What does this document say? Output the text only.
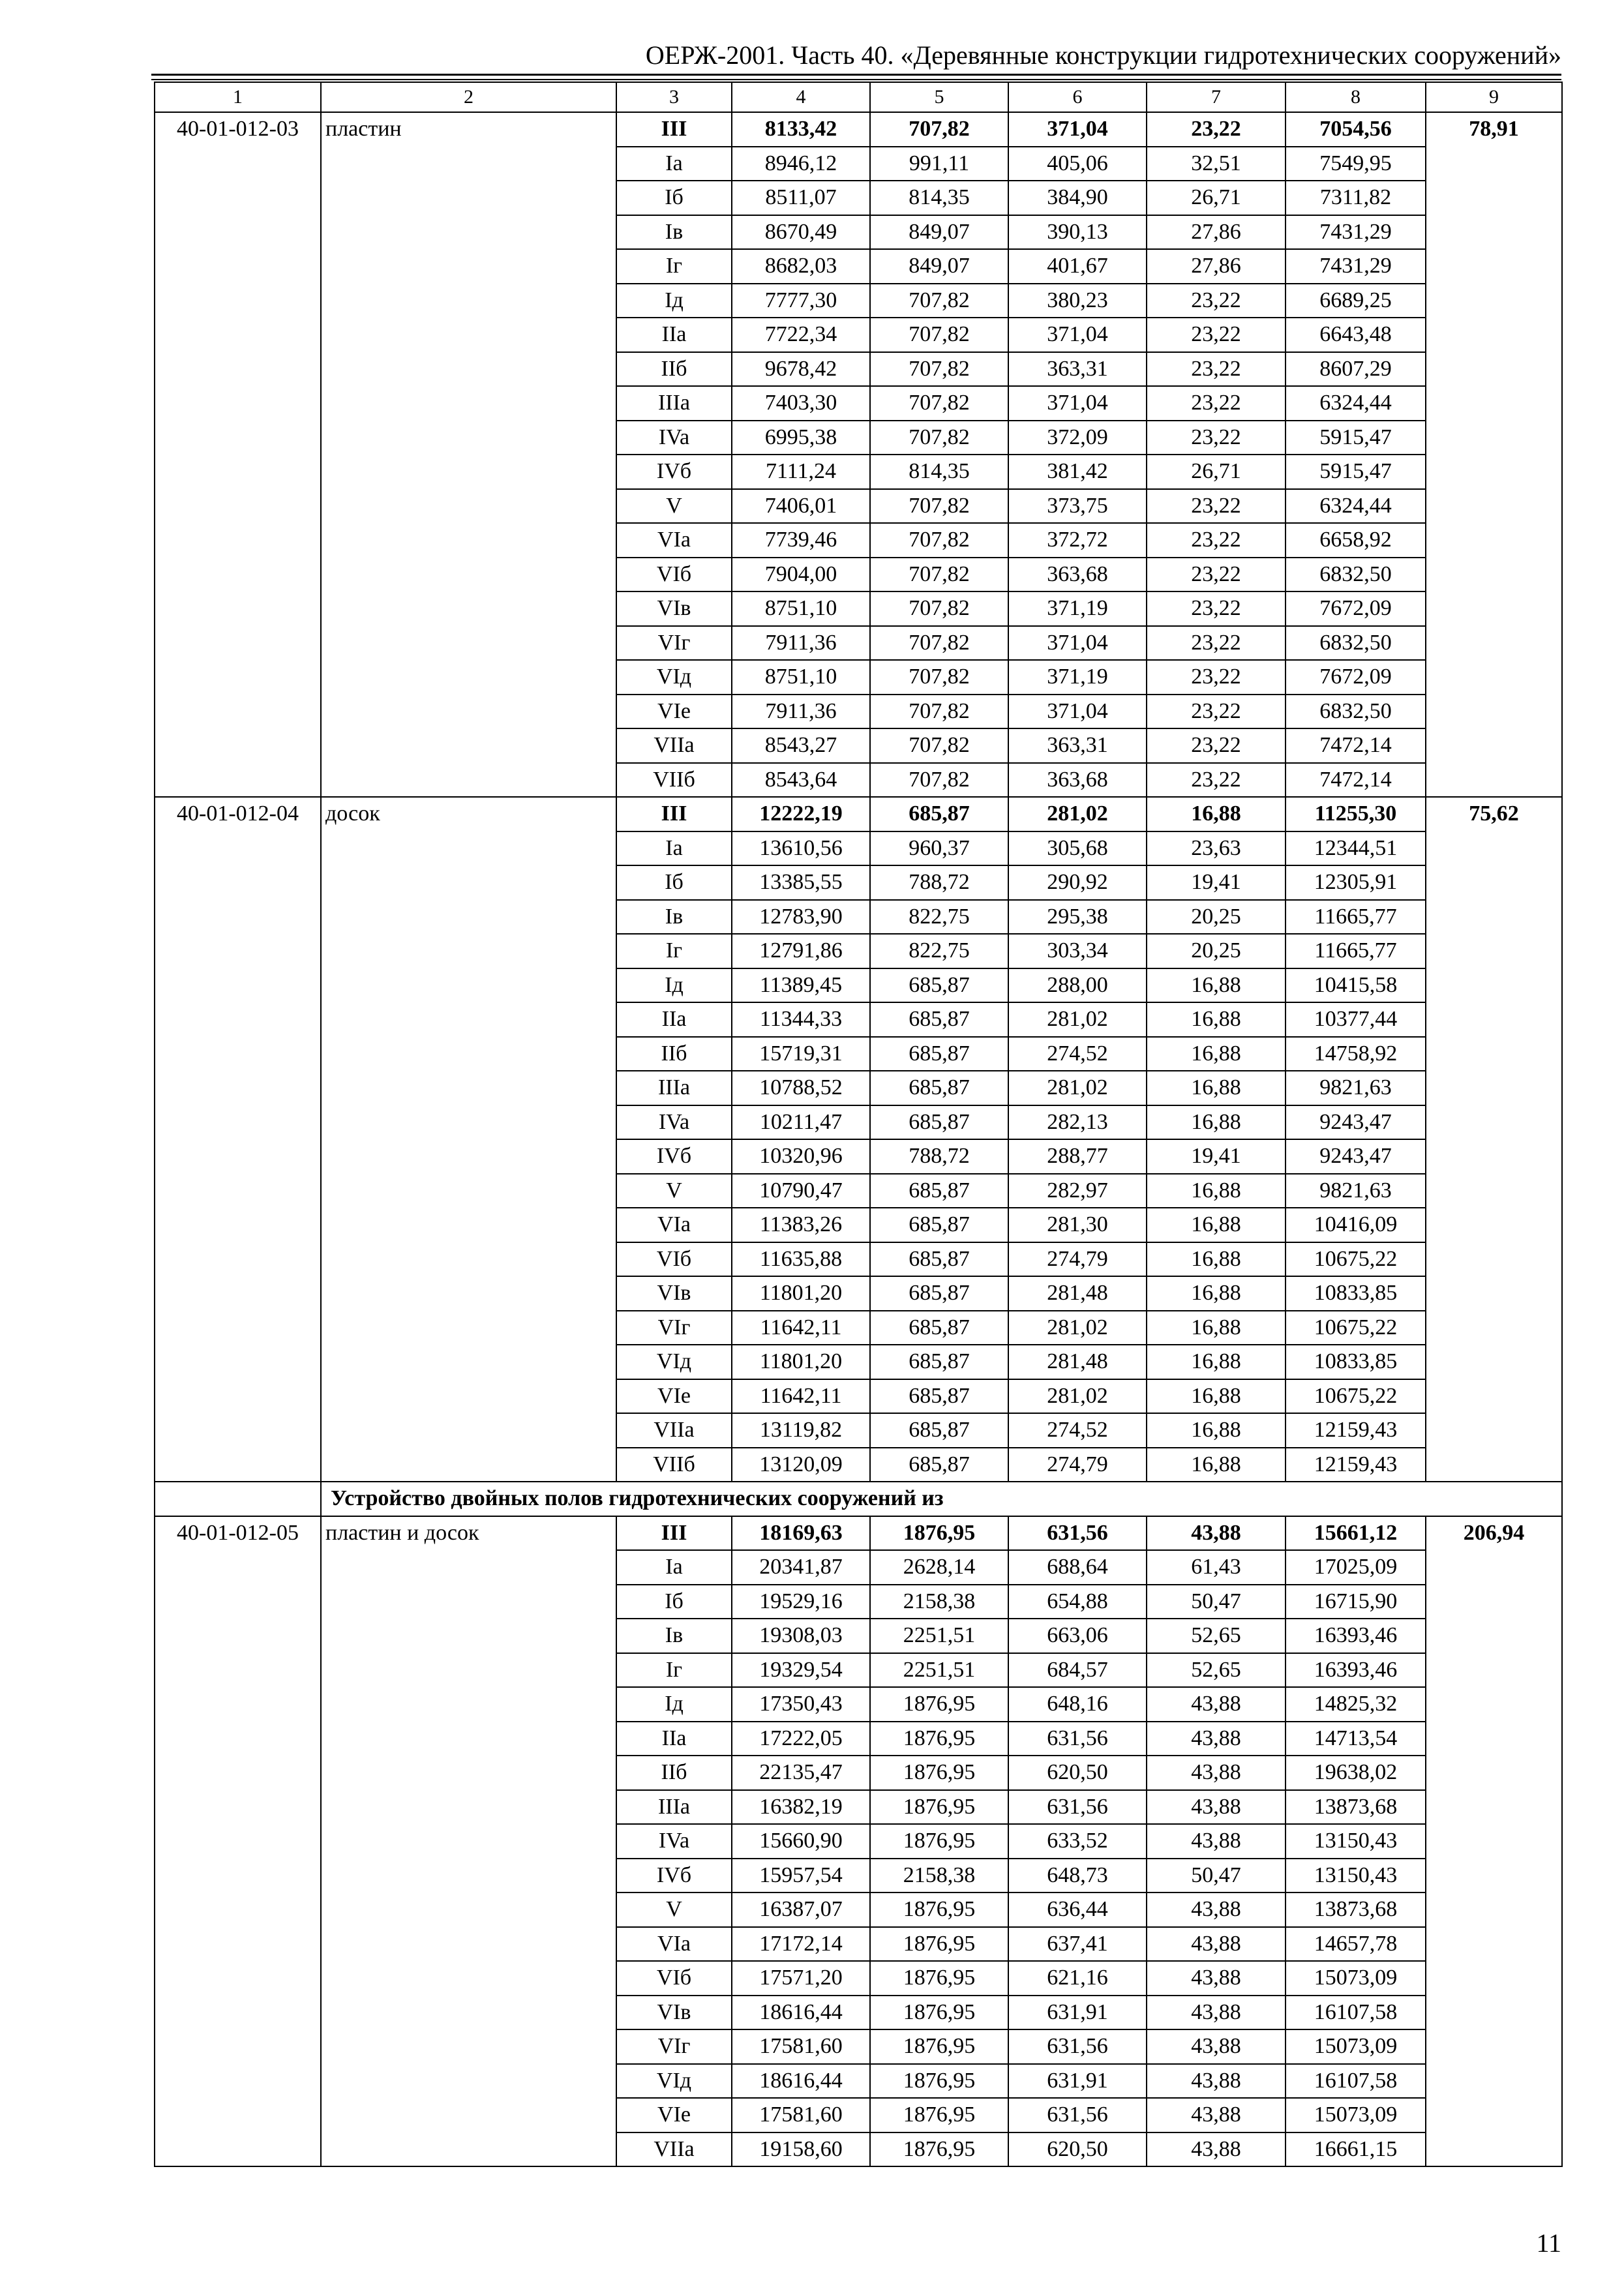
ОЕРЖ-2001. Часть 40. «Деревянные конструкции гидротехнических сооружений»
1	2	3	4	5	6	7	8	9
40-01-012-03	пластин	III	8133,42	707,82	371,04	23,22	7054,56	78,91
		Ia	8946,12	991,11	405,06	32,51	7549,95	
		Iб	8511,07	814,35	384,90	26,71	7311,82	
		Iв	8670,49	849,07	390,13	27,86	7431,29	
		Iг	8682,03	849,07	401,67	27,86	7431,29	
		Iд	7777,30	707,82	380,23	23,22	6689,25	
		IIa	7722,34	707,82	371,04	23,22	6643,48	
		IIб	9678,42	707,82	363,31	23,22	8607,29	
		IIIa	7403,30	707,82	371,04	23,22	6324,44	
		IVa	6995,38	707,82	372,09	23,22	5915,47	
		IVб	7111,24	814,35	381,42	26,71	5915,47	
		V	7406,01	707,82	373,75	23,22	6324,44	
		VIa	7739,46	707,82	372,72	23,22	6658,92	
		VIб	7904,00	707,82	363,68	23,22	6832,50	
		VIв	8751,10	707,82	371,19	23,22	7672,09	
		VIг	7911,36	707,82	371,04	23,22	6832,50	
		VIд	8751,10	707,82	371,19	23,22	7672,09	
		VIe	7911,36	707,82	371,04	23,22	6832,50	
		VIIa	8543,27	707,82	363,31	23,22	7472,14	
		VIIб	8543,64	707,82	363,68	23,22	7472,14	
40-01-012-04	досок	III	12222,19	685,87	281,02	16,88	11255,30	75,62
		Ia	13610,56	960,37	305,68	23,63	12344,51	
		Iб	13385,55	788,72	290,92	19,41	12305,91	
		Iв	12783,90	822,75	295,38	20,25	11665,77	
		Iг	12791,86	822,75	303,34	20,25	11665,77	
		Iд	11389,45	685,87	288,00	16,88	10415,58	
		IIa	11344,33	685,87	281,02	16,88	10377,44	
		IIб	15719,31	685,87	274,52	16,88	14758,92	
		IIIa	10788,52	685,87	281,02	16,88	9821,63	
		IVa	10211,47	685,87	282,13	16,88	9243,47	
		IVб	10320,96	788,72	288,77	19,41	9243,47	
		V	10790,47	685,87	282,97	16,88	9821,63	
		VIa	11383,26	685,87	281,30	16,88	10416,09	
		VIб	11635,88	685,87	274,79	16,88	10675,22	
		VIв	11801,20	685,87	281,48	16,88	10833,85	
		VIг	11642,11	685,87	281,02	16,88	10675,22	
		VIд	11801,20	685,87	281,48	16,88	10833,85	
		VIe	11642,11	685,87	281,02	16,88	10675,22	
		VIIa	13119,82	685,87	274,52	16,88	12159,43	
		VIIб	13120,09	685,87	274,79	16,88	12159,43	
	Устройство двойных полов гидротехнических сооружений из							
40-01-012-05	пластин и досок	III	18169,63	1876,95	631,56	43,88	15661,12	206,94
		Ia	20341,87	2628,14	688,64	61,43	17025,09	
		Iб	19529,16	2158,38	654,88	50,47	16715,90	
		Iв	19308,03	2251,51	663,06	52,65	16393,46	
		Iг	19329,54	2251,51	684,57	52,65	16393,46	
		Iд	17350,43	1876,95	648,16	43,88	14825,32	
		IIa	17222,05	1876,95	631,56	43,88	14713,54	
		IIб	22135,47	1876,95	620,50	43,88	19638,02	
		IIIa	16382,19	1876,95	631,56	43,88	13873,68	
		IVa	15660,90	1876,95	633,52	43,88	13150,43	
		IVб	15957,54	2158,38	648,73	50,47	13150,43	
		V	16387,07	1876,95	636,44	43,88	13873,68	
		VIa	17172,14	1876,95	637,41	43,88	14657,78	
		VIб	17571,20	1876,95	621,16	43,88	15073,09	
		VIв	18616,44	1876,95	631,91	43,88	16107,58	
		VIг	17581,60	1876,95	631,56	43,88	15073,09	
		VIд	18616,44	1876,95	631,91	43,88	16107,58	
		VIe	17581,60	1876,95	631,56	43,88	15073,09	
		VIIa	19158,60	1876,95	620,50	43,88	16661,15	
11
